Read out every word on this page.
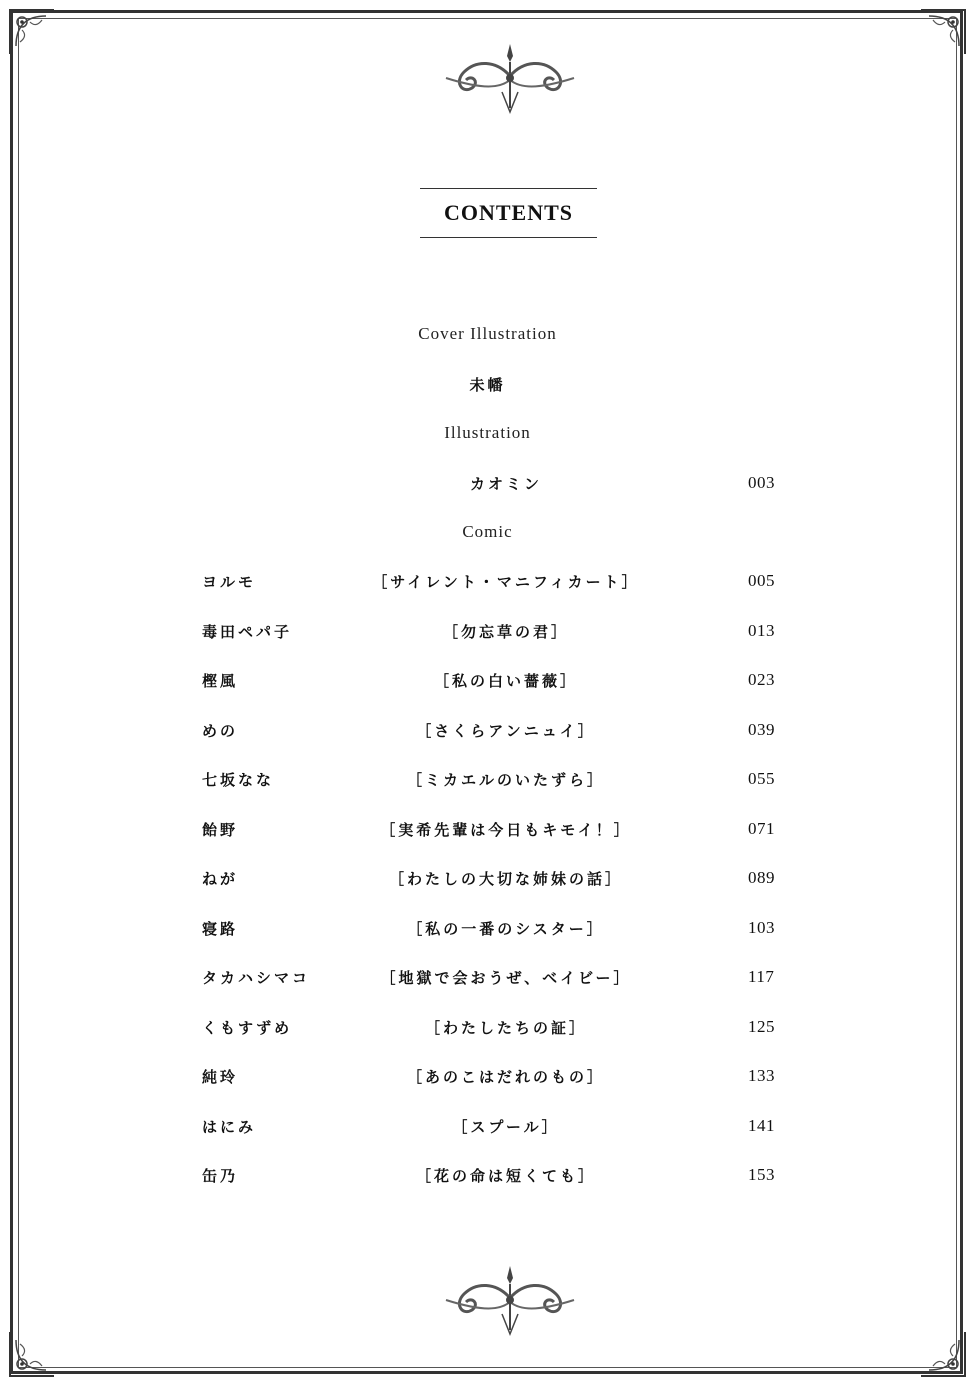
CONTENTS
Cover Illustration
未幡
Illustration
カオミン	003
Comic
ヨルモ	［サイレント・マニフィカート］	005
毒田ペパ子	［勿忘草の君］	013
樫風	［私の白い薔薇］	023
めの	［さくらアンニュイ］	039
七坂なな	［ミカエルのいたずら］	055
飴野	［実希先輩は今日もキモイ！］	071
ねが	［わたしの大切な姉妹の話］	089
寝路	［私の一番のシスター］	103
タカハシマコ	［地獄で会おうぜ、ベイビー］	117
くもすずめ	［わたしたちの証］	125
純玲	［あのこはだれのもの］	133
はにみ	［スプール］	141
缶乃	［花の命は短くても］	153
